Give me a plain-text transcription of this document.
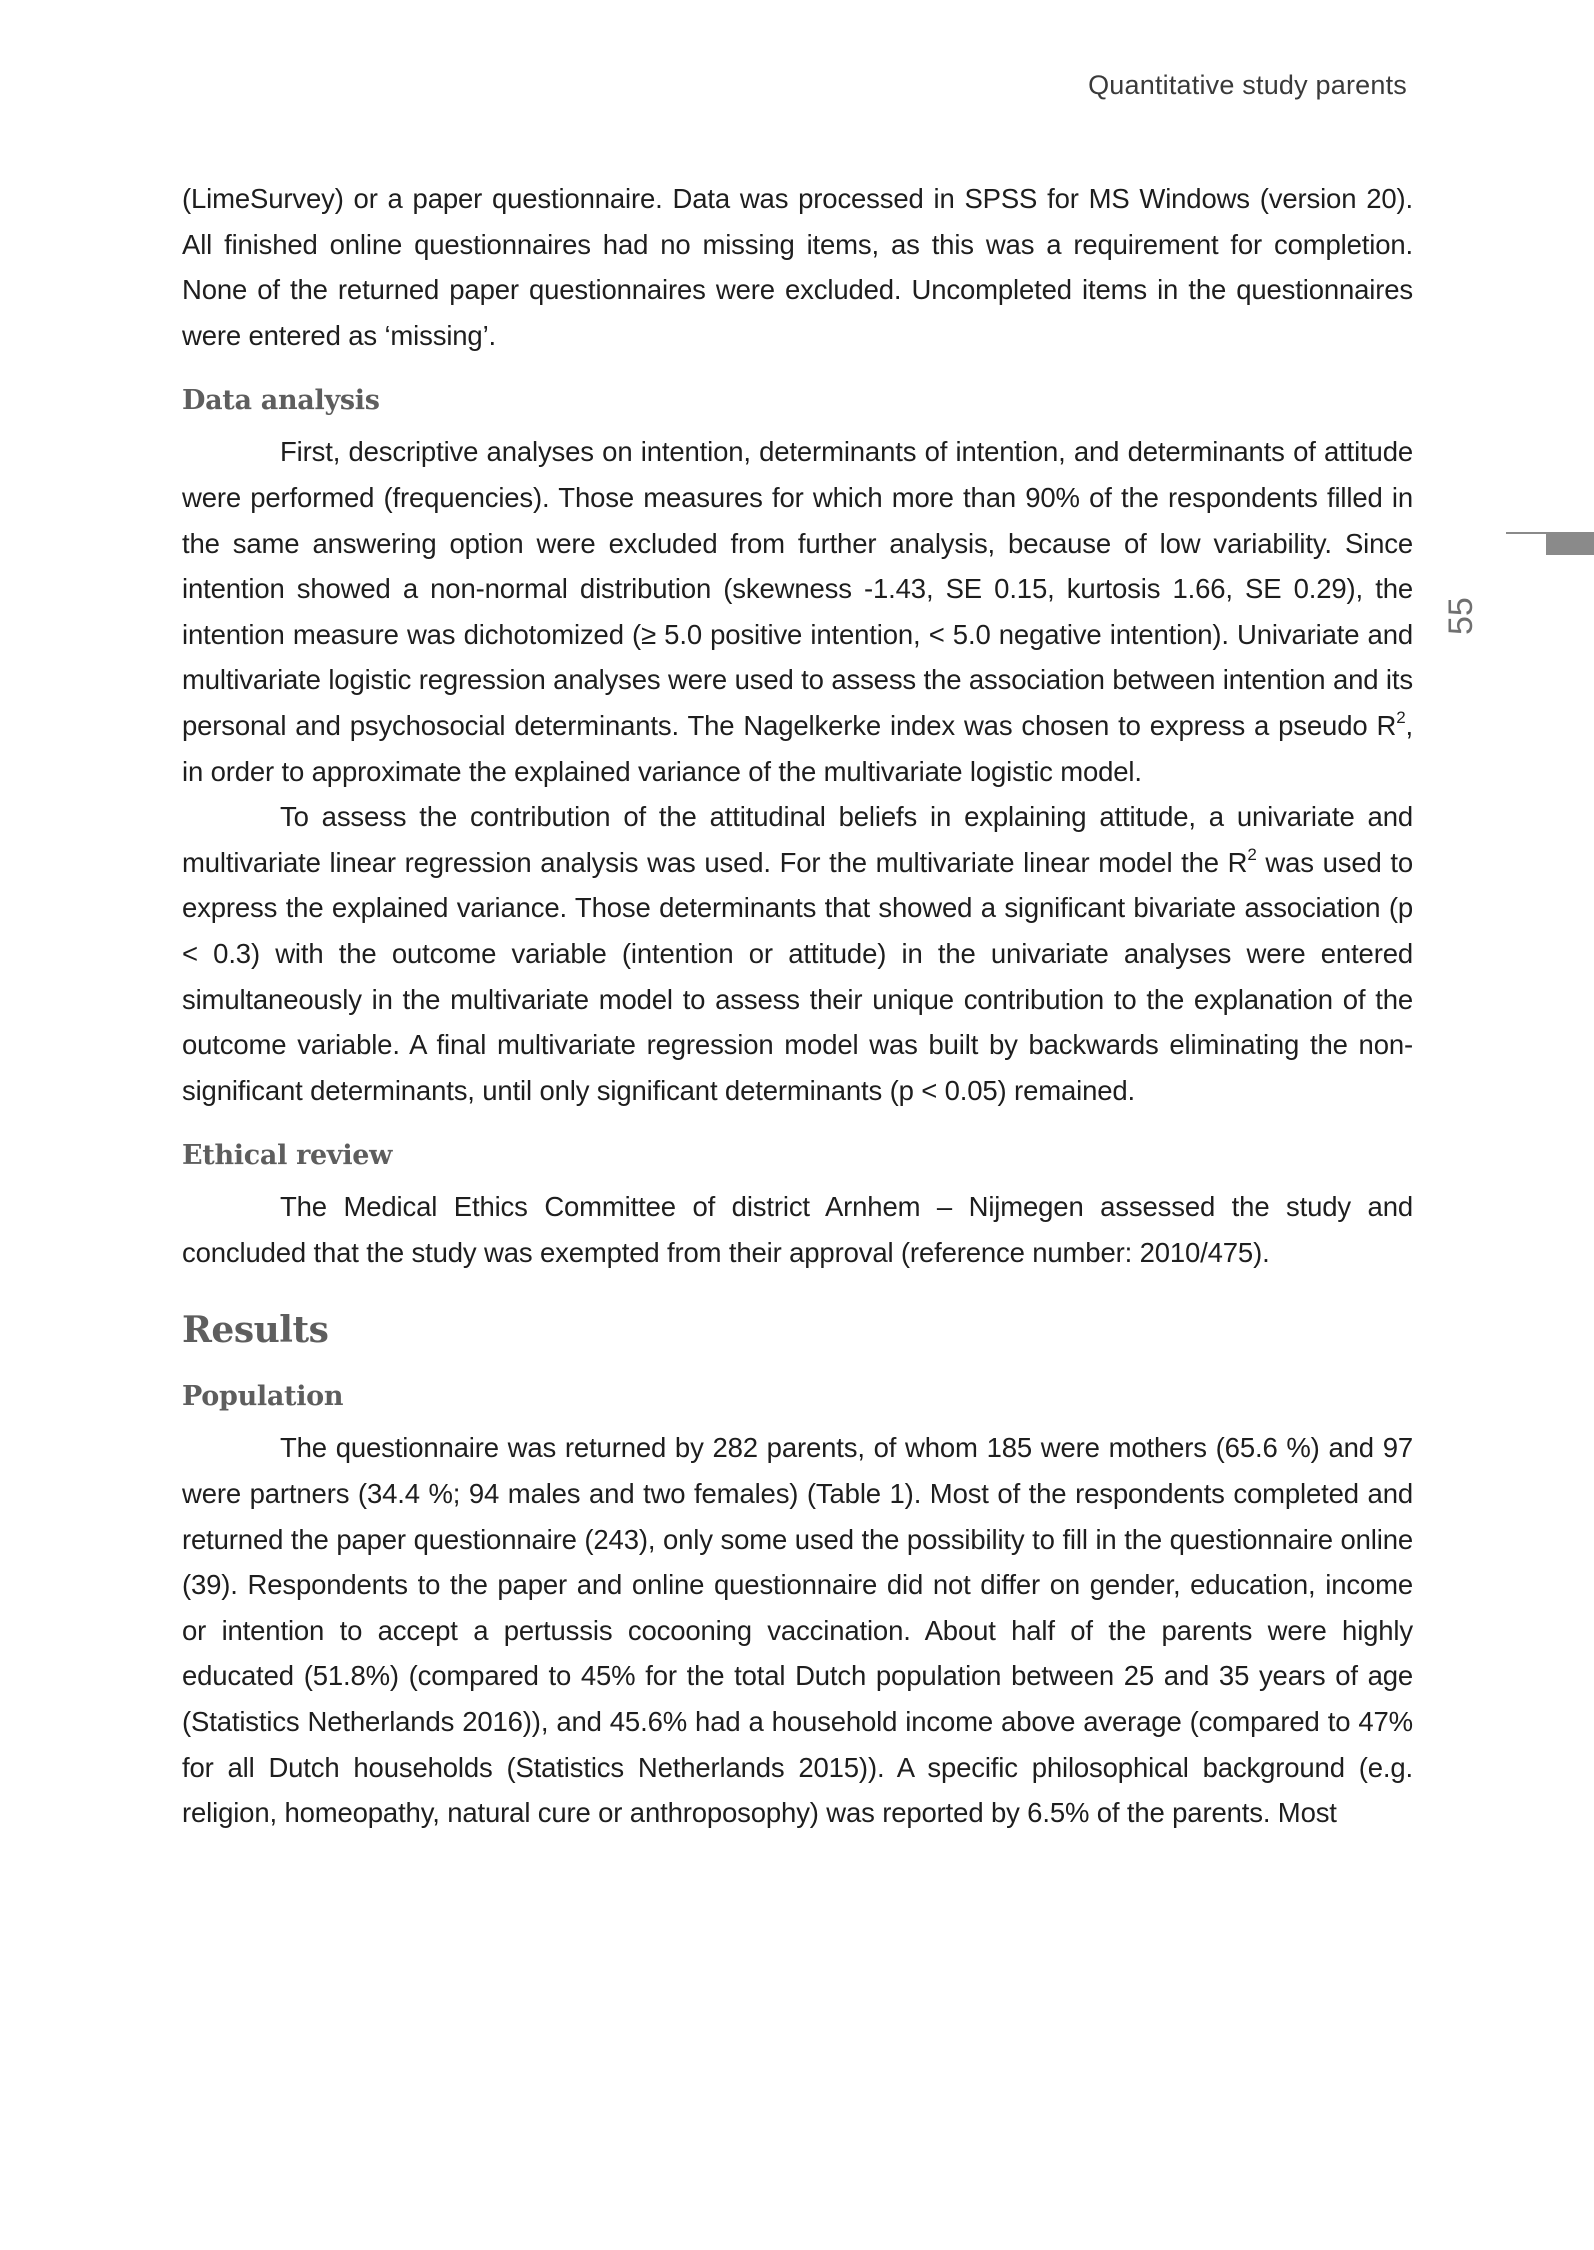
Quantitative study parents
55

(LimeSurvey) or a paper questionnaire. Data was processed in SPSS for MS Windows (version 20). All finished online questionnaires had no missing items, as this was a requirement for completion. None of the returned paper questionnaires were excluded. Uncompleted items in the questionnaires were entered as ‘missing’.

Data analysis

First, descriptive analyses on intention, determinants of intention, and determinants of attitude were performed (frequencies). Those measures for which more than 90% of the respondents filled in the same answering option were excluded from further analysis, because of low variability. Since intention showed a non-normal distribution (skewness -1.43, SE 0.15, kurtosis 1.66, SE 0.29), the intention measure was dichotomized (≥ 5.0 positive intention, < 5.0 negative intention). Univariate and multivariate logistic regression analyses were used to assess the association between intention and its personal and psychosocial determinants. The Nagelkerke index was chosen to express a pseudo $R^2$, in order to approximate the explained variance of the multivariate logistic model.

To assess the contribution of the attitudinal beliefs in explaining attitude, a univariate and multivariate linear regression analysis was used. For the multivariate linear model the $R^2$ was used to express the explained variance. Those determinants that showed a significant bivariate association (p < 0.3) with the outcome variable (intention or attitude) in the univariate analyses were entered simultaneously in the multivariate model to assess their unique contribution to the explanation of the outcome variable. A final multivariate regression model was built by backwards eliminating the non-significant determinants, until only significant determinants (p < 0.05) remained.

Ethical review

The Medical Ethics Committee of district Arnhem – Nijmegen assessed the study and concluded that the study was exempted from their approval (reference number: 2010/475).

Results
Population

The questionnaire was returned by 282 parents, of whom 185 were mothers (65.6 %) and 97 were partners (34.4 %; 94 males and two females) (Table 1). Most of the respondents completed and returned the paper questionnaire (243), only some used the possibility to fill in the questionnaire online (39). Respondents to the paper and online questionnaire did not differ on gender, education, income or intention to accept a pertussis cocooning vaccination. About half of the parents were highly educated (51.8%) (compared to 45% for the total Dutch population between 25 and 35 years of age (Statistics Netherlands 2016)), and 45.6% had a household income above average (compared to 47% for all Dutch households (Statistics Netherlands 2015)). A specific philosophical background (e.g. religion, homeopathy, natural cure or anthroposophy) was reported by 6.5% of the parents. Most
